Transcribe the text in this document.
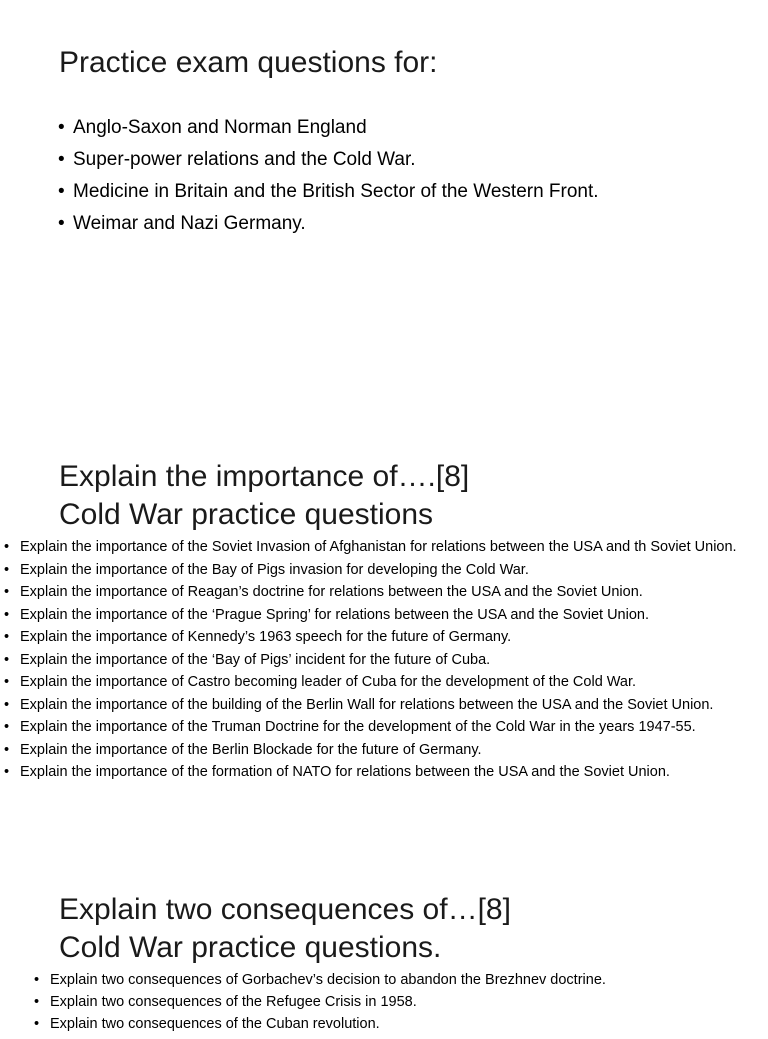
Practice exam questions for:
• Anglo-Saxon and Norman England
• Super-power relations and the Cold War.
• Medicine in Britain and the British Sector of the Western Front.
• Weimar and Nazi Germany.
Explain the importance of….[8]
Cold War practice questions
• Explain the importance of the Soviet Invasion of Afghanistan for relations between the USA and th Soviet Union.
• Explain the importance of the Bay of Pigs invasion for developing the Cold War.
• Explain the importance of Reagan’s doctrine for relations between the USA and the Soviet Union.
• Explain the importance of the ‘Prague Spring’ for relations between the USA and the Soviet Union.
• Explain the importance of Kennedy’s 1963 speech for the future of Germany.
• Explain the importance of the ‘Bay of Pigs’ incident for the future of Cuba.
• Explain the importance of Castro becoming leader of Cuba for the development of the Cold War.
• Explain the importance of the building of the Berlin Wall for relations between the USA and the Soviet Union.
• Explain the importance of the Truman Doctrine for the development of the Cold War in the years 1947-55.
• Explain the importance of the Berlin Blockade for the future of Germany.
• Explain the importance of the formation of NATO for relations between the USA and the Soviet Union.
Explain two consequences of…[8]
Cold War practice questions.
• Explain two consequences of Gorbachev’s decision to abandon the Brezhnev doctrine.
• Explain two consequences of the Refugee Crisis in 1958.
• Explain two consequences of the Cuban revolution.
